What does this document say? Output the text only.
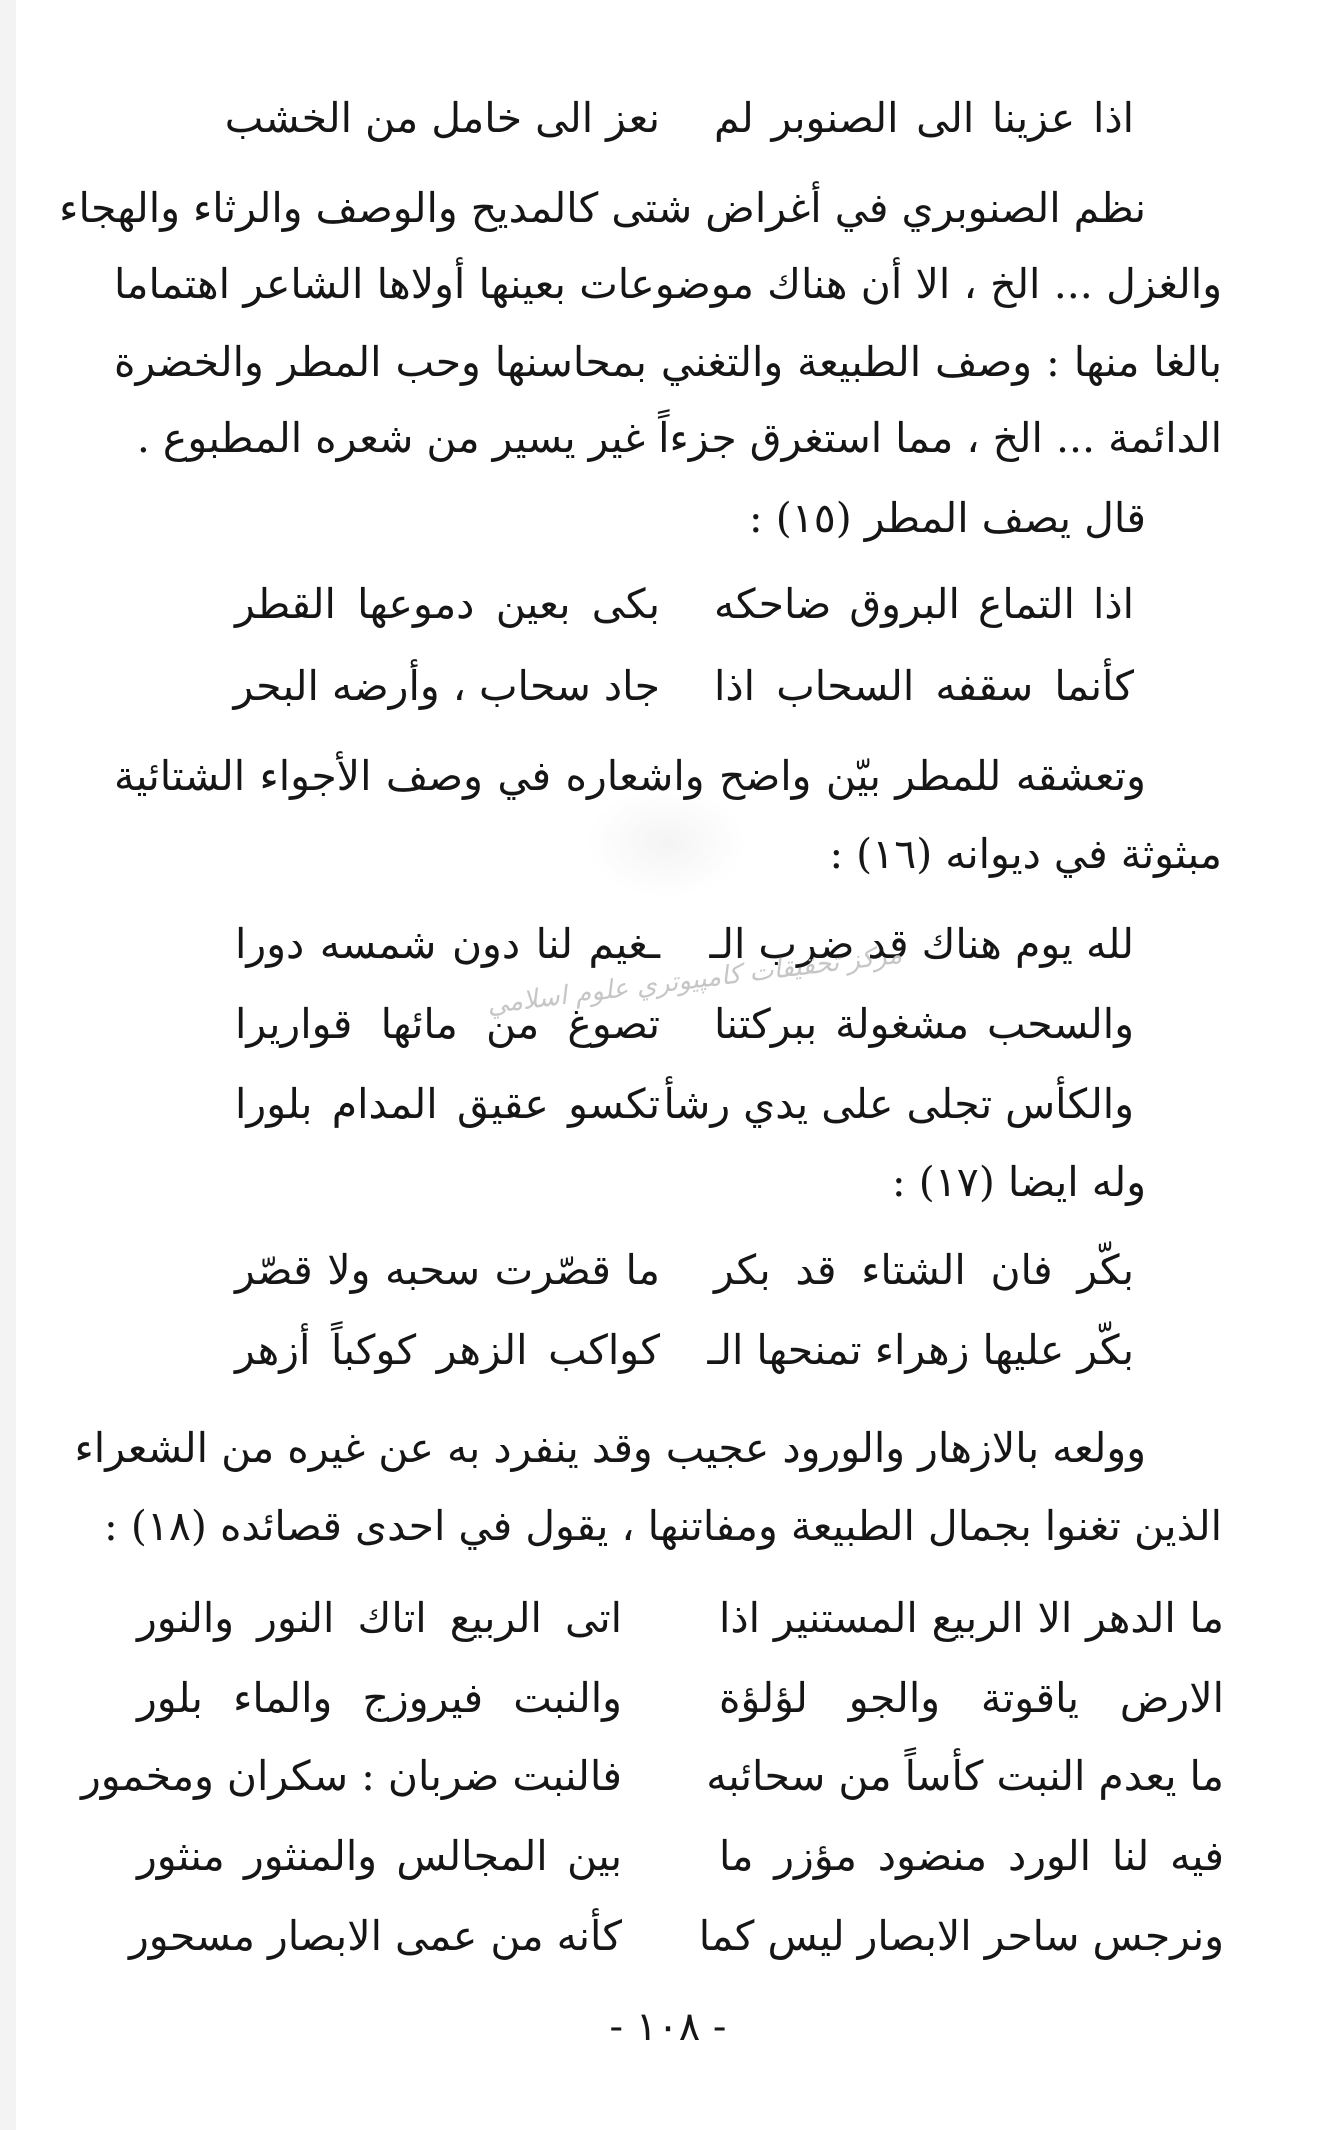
اذا عزينا الى الصنوبر لم
نعز الى خامل من الخشب
نظم الصنوبري في أغراض شتى كالمديح والوصف والرثاء والهجاء
والغزل ... الخ ، الا أن هناك موضوعات بعينها أولاها الشاعر اهتماما
بالغا منها : وصف الطبيعة والتغني بمحاسنها وحب المطر والخضرة
الدائمة ... الخ ، مما استغرق جزءاً غير يسير من شعره المطبوع .
قال يصف المطر (١٥) :
اذا التماع البروق ضاحكه
بكى بعين دموعها القطر
كأنما سقفه السحاب اذا
جاد سحاب ، وأرضه البحر
وتعشقه للمطر بيّن واضح واشعاره في وصف الأجواء الشتائية
مبثوثة في ديوانه (١٦) :
لله يوم هناك قد ضرب الـ
ـغيم لنا دون شمسه دورا
والسحب مشغولة ببركتنا
تصوغ من مائها قواريرا
والكأس تجلى على يدي رشأ
تكسو عقيق المدام بلورا
وله ايضا (١٧) :
بكّر فان الشتاء قد بكر
ما قصّرت سحبه ولا قصّر
بكّر عليها زهراء تمنحها الـ
كواكب الزهر كوكباً أزهر
وولعه بالازهار والورود عجيب وقد ينفرد به عن غيره من الشعراء
الذين تغنوا بجمال الطبيعة ومفاتنها ، يقول في احدى قصائده (١٨) :
ما الدهر الا الربيع المستنير اذا
اتى الربيع اتاك النور والنور
الارض ياقوتة والجو لؤلؤة
والنبت فيروزج والماء بلور
ما يعدم النبت كأساً من سحائبه
فالنبت ضربان : سكران ومخمور
فيه لنا الورد منضود مؤزر ما
بين المجالس والمنثور منثور
ونرجس ساحر الابصار ليس كما
كأنه من عمى الابصار مسحور
مركز تحقيقات كامپيوتري علوم اسلامي
- ١٠٨ -
